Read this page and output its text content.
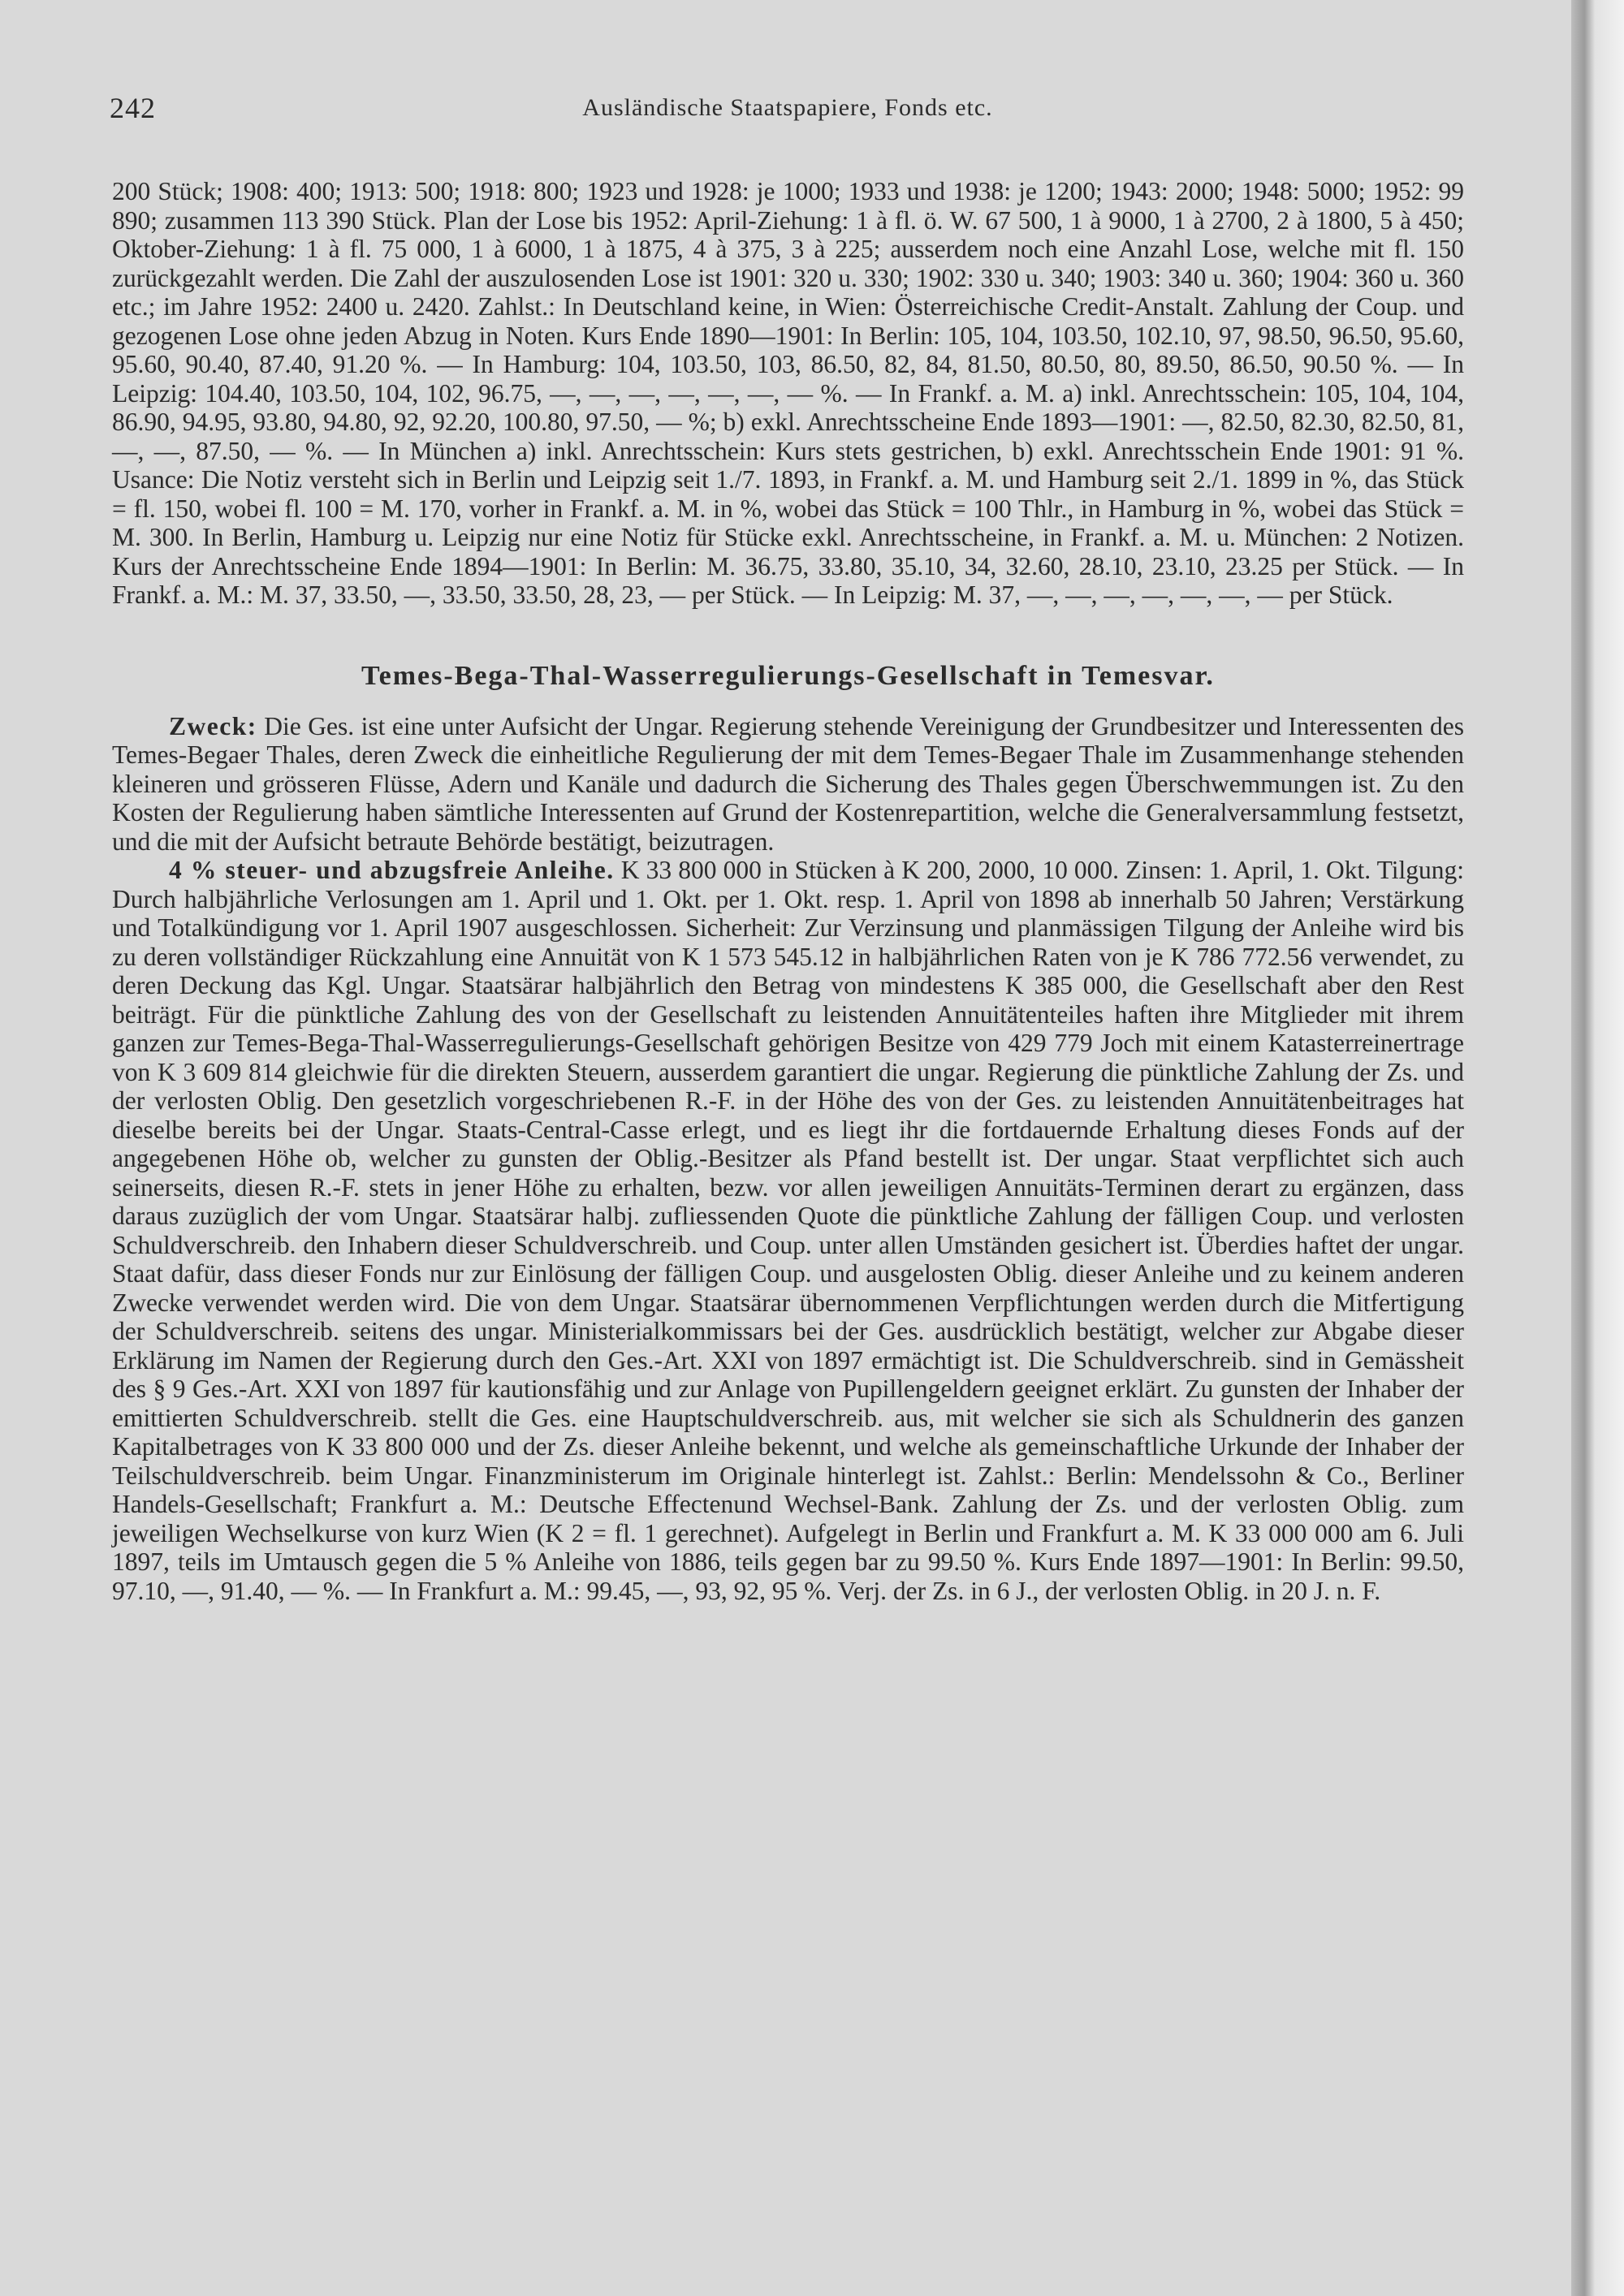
242	Ausländische Staatspapiere, Fonds etc.

200 Stück; 1908: 400; 1913: 500; 1918: 800; 1923 und 1928: je 1000; 1933 und 1938: je 1200; 1943: 2000; 1948: 5000; 1952: 99 890; zusammen 113 390 Stück. Plan der Lose bis 1952: April-Ziehung: 1 à fl. ö. W. 67 500, 1 à 9000, 1 à 2700, 2 à 1800, 5 à 450; Oktober-Ziehung: 1 à fl. 75 000, 1 à 6000, 1 à 1875, 4 à 375, 3 à 225; ausserdem noch eine Anzahl Lose, welche mit fl. 150 zurückgezahlt werden. Die Zahl der auszulosenden Lose ist 1901: 320 u. 330; 1902: 330 u. 340; 1903: 340 u. 360; 1904: 360 u. 360 etc.; im Jahre 1952: 2400 u. 2420. Zahlst.: In Deutschland keine, in Wien: Österreichische Credit-Anstalt. Zahlung der Coup. und gezogenen Lose ohne jeden Abzug in Noten. Kurs Ende 1890—1901: In Berlin: 105, 104, 103.50, 102.10, 97, 98.50, 96.50, 95.60, 95.60, 90.40, 87.40, 91.20 %. — In Hamburg: 104, 103.50, 103, 86.50, 82, 84, 81.50, 80.50, 80, 89.50, 86.50, 90.50 %. — In Leipzig: 104.40, 103.50, 104, 102, 96.75, —, —, —, —, —, —, — %. — In Frankf. a. M. a) inkl. Anrechtsschein: 105, 104, 104, 86.90, 94.95, 93.80, 94.80, 92, 92.20, 100.80, 97.50, — %; b) exkl. Anrechtsscheine Ende 1893—1901: —, 82.50, 82.30, 82.50, 81, —, —, 87.50, — %. — In München a) inkl. Anrechtsschein: Kurs stets gestrichen, b) exkl. Anrechtsschein Ende 1901: 91 %. Usance: Die Notiz versteht sich in Berlin und Leipzig seit 1./7. 1893, in Frankf. a. M. und Hamburg seit 2./1. 1899 in %, das Stück = fl. 150, wobei fl. 100 = M. 170, vorher in Frankf. a. M. in %, wobei das Stück = 100 Thlr., in Hamburg in %, wobei das Stück = M. 300. In Berlin, Hamburg u. Leipzig nur eine Notiz für Stücke exkl. Anrechtsscheine, in Frankf. a. M. u. München: 2 Notizen. Kurs der Anrechtsscheine Ende 1894—1901: In Berlin: M. 36.75, 33.80, 35.10, 34, 32.60, 28.10, 23.10, 23.25 per Stück. — In Frankf. a. M.: M. 37, 33.50, —, 33.50, 33.50, 28, 23, — per Stück. — In Leipzig: M. 37, —, —, —, —, —, —, — per Stück.

Temes-Bega-Thal-Wasserregulierungs-Gesellschaft in Temesvar.

Zweck: Die Ges. ist eine unter Aufsicht der Ungar. Regierung stehende Vereinigung der Grundbesitzer und Interessenten des Temes-Begaer Thales, deren Zweck die einheitliche Regulierung der mit dem Temes-Begaer Thale im Zusammenhange stehenden kleineren und grösseren Flüsse, Adern und Kanäle und dadurch die Sicherung des Thales gegen Überschwemmungen ist. Zu den Kosten der Regulierung haben sämtliche Interessenten auf Grund der Kostenrepartition, welche die Generalversammlung festsetzt, und die mit der Aufsicht betraute Behörde bestätigt, beizutragen.

4 % steuer- und abzugsfreie Anleihe. K 33 800 000 in Stücken à K 200, 2000, 10 000. Zinsen: 1. April, 1. Okt. Tilgung: Durch halbjährliche Verlosungen am 1. April und 1. Okt. per 1. Okt. resp. 1. April von 1898 ab innerhalb 50 Jahren; Verstärkung und Totalkündigung vor 1. April 1907 ausgeschlossen. Sicherheit: Zur Verzinsung und planmässigen Tilgung der Anleihe wird bis zu deren vollständiger Rückzahlung eine Annuität von K 1 573 545.12 in halbjährlichen Raten von je K 786 772.56 verwendet, zu deren Deckung das Kgl. Ungar. Staatsärar halbjährlich den Betrag von mindestens K 385 000, die Gesellschaft aber den Rest beiträgt. Für die pünktliche Zahlung des von der Gesellschaft zu leistenden Annuitätenteiles haften ihre Mitglieder mit ihrem ganzen zur Temes-Bega-Thal-Wasserregulierungs-Gesellschaft gehörigen Besitze von 429 779 Joch mit einem Katasterreinertrage von K 3 609 814 gleichwie für die direkten Steuern, ausserdem garantiert die ungar. Regierung die pünktliche Zahlung der Zs. und der verlosten Oblig. Den gesetzlich vorgeschriebenen R.-F. in der Höhe des von der Ges. zu leistenden Annuitätenbeitrages hat dieselbe bereits bei der Ungar. Staats-Central-Casse erlegt, und es liegt ihr die fortdauernde Erhaltung dieses Fonds auf der angegebenen Höhe ob, welcher zu gunsten der Oblig.-Besitzer als Pfand bestellt ist. Der ungar. Staat verpflichtet sich auch seinerseits, diesen R.-F. stets in jener Höhe zu erhalten, bezw. vor allen jeweiligen Annuitäts-Terminen derart zu ergänzen, dass daraus zuzüglich der vom Ungar. Staatsärar halbj. zufliessenden Quote die pünktliche Zahlung der fälligen Coup. und verlosten Schuldverschreib. den Inhabern dieser Schuldverschreib. und Coup. unter allen Umständen gesichert ist. Überdies haftet der ungar. Staat dafür, dass dieser Fonds nur zur Einlösung der fälligen Coup. und ausgelosten Oblig. dieser Anleihe und zu keinem anderen Zwecke verwendet werden wird. Die von dem Ungar. Staatsärar übernommenen Verpflichtungen werden durch die Mitfertigung der Schuldverschreib. seitens des ungar. Ministerialkommissars bei der Ges. ausdrücklich bestätigt, welcher zur Abgabe dieser Erklärung im Namen der Regierung durch den Ges.-Art. XXI von 1897 ermächtigt ist. Die Schuldverschreib. sind in Gemässheit des § 9 Ges.-Art. XXI von 1897 für kautionsfähig und zur Anlage von Pupillengeldern geeignet erklärt. Zu gunsten der Inhaber der emittierten Schuldverschreib. stellt die Ges. eine Hauptschuldverschreib. aus, mit welcher sie sich als Schuldnerin des ganzen Kapitalbetrages von K 33 800 000 und der Zs. dieser Anleihe bekennt, und welche als gemeinschaftliche Urkunde der Inhaber der Teilschuldverschreib. beim Ungar. Finanzministerum im Originale hinterlegt ist. Zahlst.: Berlin: Mendelssohn & Co., Berliner Handels-Gesellschaft; Frankfurt a. M.: Deutsche Effectenund Wechsel-Bank. Zahlung der Zs. und der verlosten Oblig. zum jeweiligen Wechselkurse von kurz Wien (K 2 = fl. 1 gerechnet). Aufgelegt in Berlin und Frankfurt a. M. K 33 000 000 am 6. Juli 1897, teils im Umtausch gegen die 5 % Anleihe von 1886, teils gegen bar zu 99.50 %. Kurs Ende 1897—1901: In Berlin: 99.50, 97.10, —, 91.40, — %. — In Frankfurt a. M.: 99.45, —, 93, 92, 95 %. Verj. der Zs. in 6 J., der verlosten Oblig. in 20 J. n. F.
